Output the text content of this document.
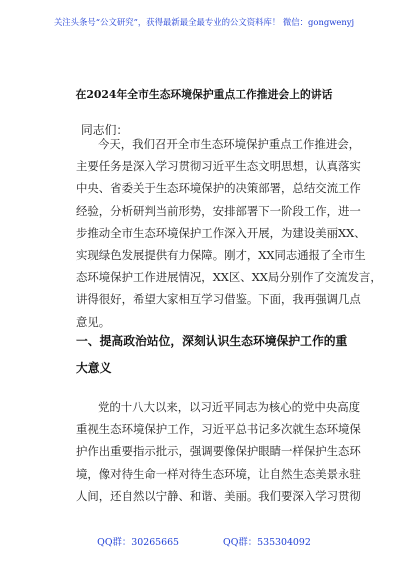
关注头条号“公文研究”，获得最新最全最专业的公文资料库！ 微信：gongwenyj
在2024年全市生态环境保护重点工作推进会上的讲话
同志们：
今天，我们召开全市生态环境保护重点工作推进会，
主要任务是深入学习贯彻习近平生态文明思想，认真落实
中央、省委关于生态环境保护的决策部署，总结交流工作
经验，分析研判当前形势，安排部署下一阶段工作，进一
步推动全市生态环境保护工作深入开展，为建设美丽XX、
实现绿色发展提供有力保障。刚才，XX同志通报了全市生
态环境保护工作进展情况，XX区、XX局分别作了交流发言，
讲得很好，希望大家相互学习借鉴。下面，我再强调几点
意见。
一、提高政治站位，深刻认识生态环境保护工作的重
大意义
党的十八大以来，以习近平同志为核心的党中央高度
重视生态环境保护工作，习近平总书记多次就生态环境保
护作出重要指示批示，强调要像保护眼睛一样保护生态环
境，像对待生命一样对待生态环境，让自然生态美景永驻
人间，还自然以宁静、和谐、美丽。我们要深入学习贯彻
QQ群：30265665	QQ群：535304092
